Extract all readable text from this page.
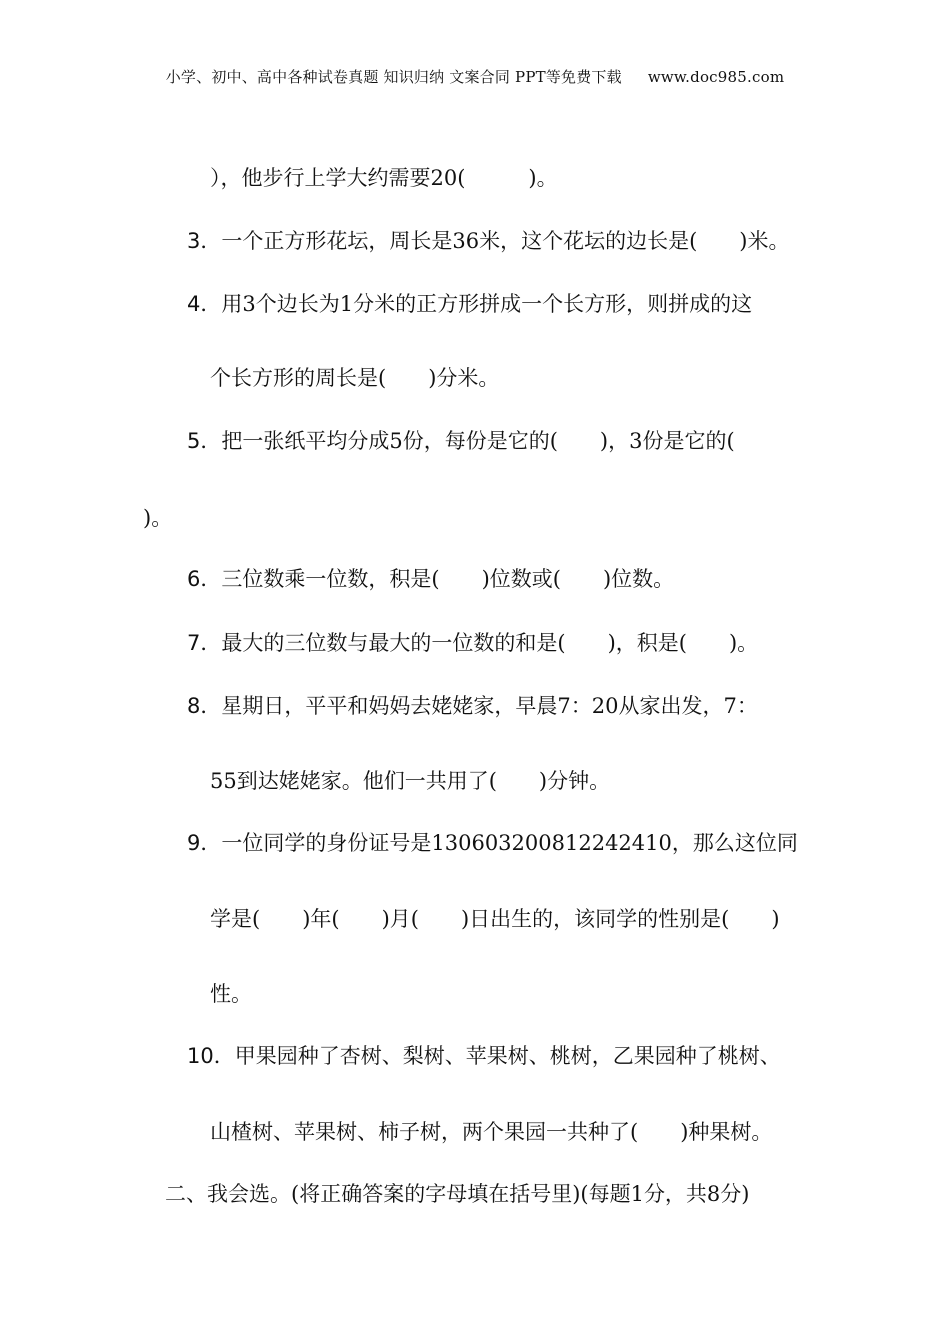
小学、初中、高中各种试卷真题 知识归纳 文案合同 PPT等免费下载 www.doc985.com
），他步行上学大约需要20(　　　)。
3．一个正方形花坛，周长是36米，这个花坛的边长是(　　)米。
4．用3个边长为1分米的正方形拼成一个长方形，则拼成的这
个长方形的周长是(　　)分米。
5．把一张纸平均分成5份，每份是它的(　　)，3份是它的(
)。
6．三位数乘一位数，积是(　　)位数或(　　)位数。
7．最大的三位数与最大的一位数的和是(　　)，积是(　　)。
8．星期日，平平和妈妈去姥姥家，早晨7：20从家出发，7：
55到达姥姥家。他们一共用了(　　)分钟。
9．一位同学的身份证号是130603200812242410，那么这位同
学是(　　)年(　　)月(　　)日出生的，该同学的性别是(　　)
性。
10．甲果园种了杏树、梨树、苹果树、桃树，乙果园种了桃树、
山楂树、苹果树、柿子树，两个果园一共种了(　　)种果树。
二、我会选。(将正确答案的字母填在括号里)(每题1分，共8分)
